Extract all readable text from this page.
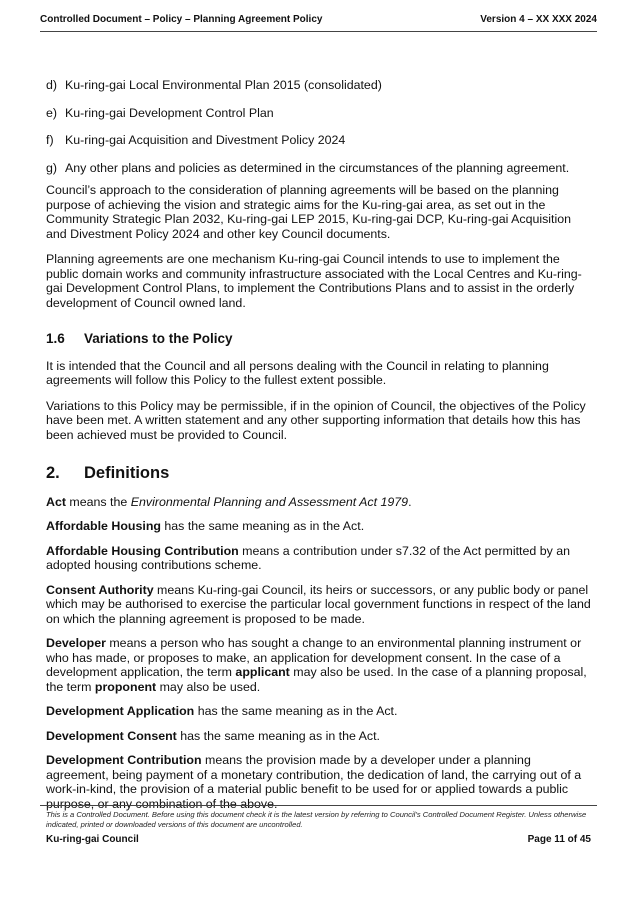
Controlled Document – Policy – Planning Agreement Policy	Version 4 – XX XXX 2024
d) Ku-ring-gai Local Environmental Plan 2015 (consolidated)
e) Ku-ring-gai Development Control Plan
f) Ku-ring-gai Acquisition and Divestment Policy 2024
g) Any other plans and policies as determined in the circumstances of the planning agreement.

Council’s approach to the consideration of planning agreements will be based on the planning purpose of achieving the vision and strategic aims for the Ku-ring-gai area, as set out in the Community Strategic Plan 2032, Ku-ring-gai LEP 2015, Ku-ring-gai DCP, Ku-ring-gai Acquisition and Divestment Policy 2024 and other key Council documents.

Planning agreements are one mechanism Ku-ring-gai Council intends to use to implement the public domain works and community infrastructure associated with the Local Centres and Ku-ring-gai Development Control Plans, to implement the Contributions Plans and to assist in the orderly development of Council owned land.

1.6	Variations to the Policy

It is intended that the Council and all persons dealing with the Council in relating to planning agreements will follow this Policy to the fullest extent possible.

Variations to this Policy may be permissible, if in the opinion of Council, the objectives of the Policy have been met. A written statement and any other supporting information that details how this has been achieved must be provided to Council.

2.	Definitions

Act means the Environmental Planning and Assessment Act 1979.

Affordable Housing has the same meaning as in the Act.

Affordable Housing Contribution means a contribution under s7.32 of the Act permitted by an adopted housing contributions scheme.

Consent Authority means Ku-ring-gai Council, its heirs or successors, or any public body or panel which may be authorised to exercise the particular local government functions in respect of the land on which the planning agreement is proposed to be made.

Developer means a person who has sought a change to an environmental planning instrument or who has made, or proposes to make, an application for development consent. In the case of a development application, the term applicant may also be used. In the case of a planning proposal, the term proponent may also be used.

Development Application has the same meaning as in the Act.

Development Consent has the same meaning as in the Act.

Development Contribution means the provision made by a developer under a planning agreement, being payment of a monetary contribution, the dedication of land, the carrying out of a work-in-kind, the provision of a material public benefit to be used for or applied towards a public purpose, or any combination of the above.

This is a Controlled Document. Before using this document check it is the latest version by referring to Council’s Controlled Document Register. Unless otherwise indicated, printed or downloaded versions of this document are uncontrolled.
Ku-ring-gai Council	Page 11 of 45
